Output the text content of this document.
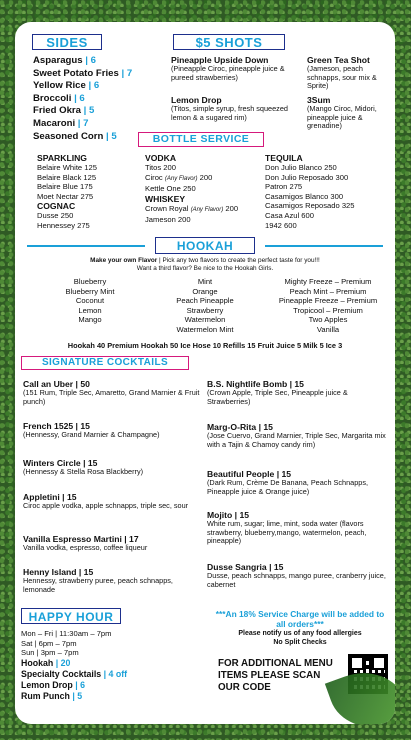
SIDES
Asparagus | 6
Sweet Potato Fries | 7
Yellow Rice | 6
Broccoli | 6
Fried Okra | 5
Macaroni | 7
Seasoned Corn | 5
$5 SHOTS
Pineapple Upside Down
(Pineapple Ciroc, pineapple juice & pureed strawberries)
Green Tea Shot
(Jameson, peach schnapps, sour mix & Sprite)
Lemon Drop
(Titos, simple syrup, fresh squeezed lemon & a sugared rim)
3Sum
(Mango Ciroc, Midori, pineapple juice & grenadine)
BOTTLE SERVICE
SPARKLING
Belaire White 125
Belaire Black 125
Belaire Blue 175
Moet Nectar 275
COGNAC
Dusse 250
Hennessey 275
VODKA
Titos 200
Ciroc (Any Flavor) 200
Kettle One 250
WHISKEY
Crown Royal (Any Flavor) 200
Jameson 200
TEQUILA
Don Julio Blanco 250
Don Julio Reposado 300
Patron 275
Casamigos Blanco 300
Casamigos Reposado 325
Casa Azul 600
1942 600
HOOKAH
Make your own Flavor | Pick any two flavors to create the perfect taste for you!!!
Want a third flavor? Be nice to the Hookah Girls.
Blueberry
Blueberry Mint
Coconut
Lemon
Mango
Mint
Orange
Peach Pineapple
Strawberry
Watermelon
Watermelon Mint
Mighty Freeze – Premium
Peach Mint – Premium
Pineapple Freeze – Premium
Tropicool – Premium
Two Apples
Vanilla
Hookah 40 Premium Hookah 50 Ice Hose 10 Refills 15 Fruit Juice 5 Milk 5 Ice 3
SIGNATURE COCKTAILS
Call an Uber | 50
(151 Rum, Triple Sec, Amaretto, Grand Marnier & Fruit punch)
French 1525 | 15
(Hennessy, Grand Marnier & Champagne)
Winters Circle | 15
(Hennessy & Stella Rosa Blackberry)
Appletini | 15
Ciroc apple vodka, apple schnapps, triple sec, sour
Vanilla Espresso Martini | 17
Vanilla vodka, espresso, coffee liqueur
Henny Island | 15
Hennessy, strawberry puree, peach schnapps, lemonade
B.S. Nightlife Bomb | 15
(Crown Apple, Triple Sec, Pineapple juice & Strawberries)
Marg-O-Rita | 15
(Jose Cuervo, Grand Marnier, Triple Sec, Margarita mix with a Tajin & Chamoy candy rim)
Beautiful People | 15
(Dark Rum, Crème De Banana, Peach Schnapps, Pineapple juice & Orange juice)
Mojito | 15
White rum, sugar; lime, mint, soda water (flavors strawberry, blueberry,mango, watermelon, peach, pineapple)
Dusse Sangria | 15
Dusse, peach schnapps, mango puree, cranberry juice, cabernet
HAPPY HOUR
Mon – Fri | 11:30am – 7pm
Sat | 6pm – 7pm
Sun | 3pm – 7pm
Hookah | 20
Specialty Cocktails | 4 off
Lemon Drop | 6
Rum Punch | 5
***An 18% Service Charge will be added to all orders***
Please notify us of any food allergies
No Split Checks
FOR ADDITIONAL MENU ITEMS PLEASE SCAN OUR CODE
